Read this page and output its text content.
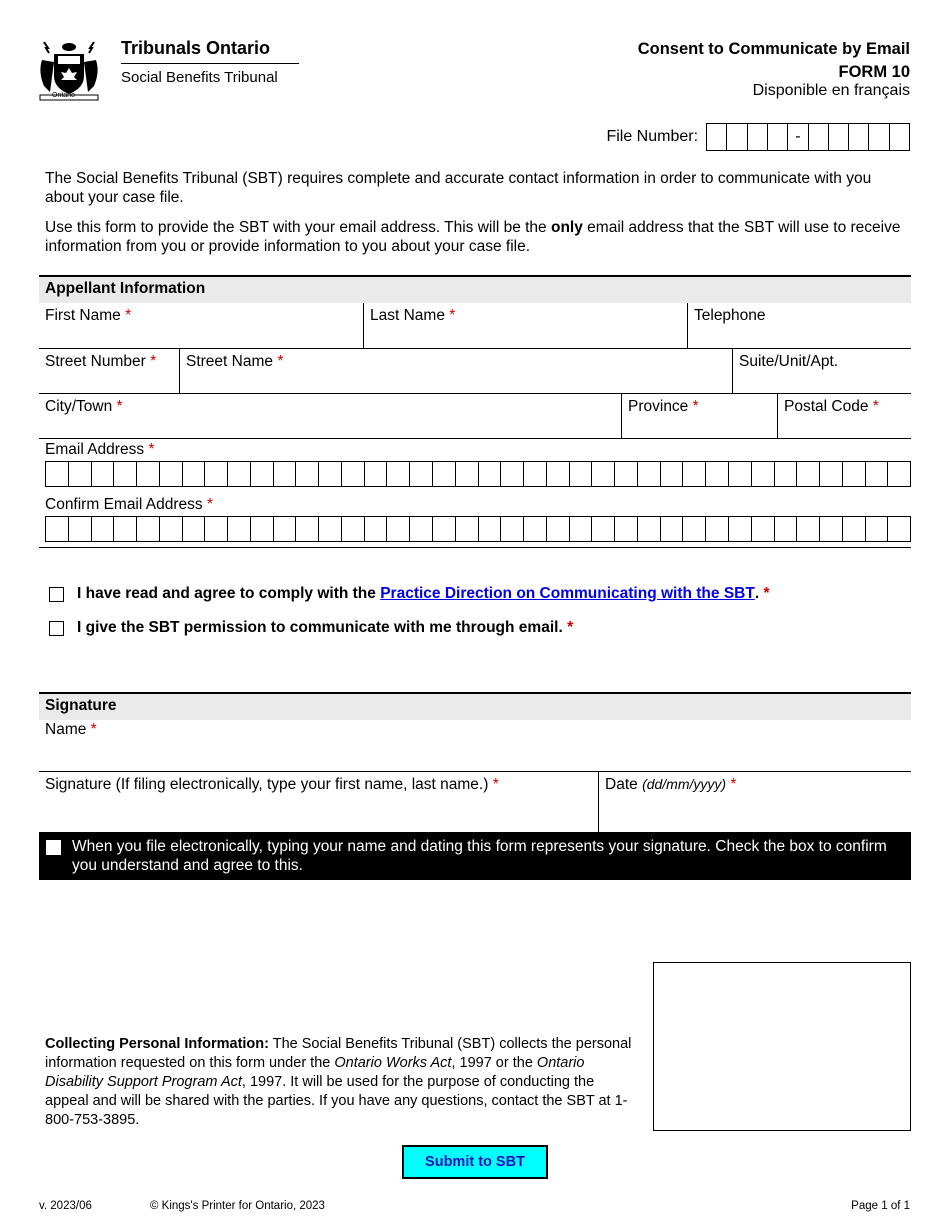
Ontario
Tribunals Ontario
Social Benefits Tribunal
Consent to Communicate by Email
FORM 10
Disponible en français
File Number:	-

The Social Benefits Tribunal (SBT) requires complete and accurate contact information in order to communicate with you about your case file.

Use this form to provide the SBT with your email address. This will be the only email address that the SBT will use to receive information from you or provide information to you about your case file.

Appellant Information
First Name *	Last Name *	Telephone
Street Number *	Street Name *	Suite/Unit/Apt.
City/Town *	Province *	Postal Code *
Email Address *
Confirm Email Address *
I have read and agree to comply with the
Practice Direction on Communicating with the SBT .
*
I give the SBT permission to communicate with me through email.
*
Signature
Name *
Signature (If filing electronically, type your first name, last name.) *	Date (dd/mm/yyyy) *
When you file electronically, typing your name and dating this form represents your signature. Check the box to confirm you understand and agree to this.
Collecting Personal Information: The Social Benefits Tribunal (SBT) collects the personal information requested on this form under the Ontario Works Act, 1997 or the Ontario Disability Support Program Act, 1997. It will be used for the purpose of conducting the appeal and will be shared with the parties. If you have any questions, contact the SBT at 1-800-753-3895.
Submit to SBT
v. 2023/06	© Kings's Printer for Ontario, 2023	Page 1 of 1
